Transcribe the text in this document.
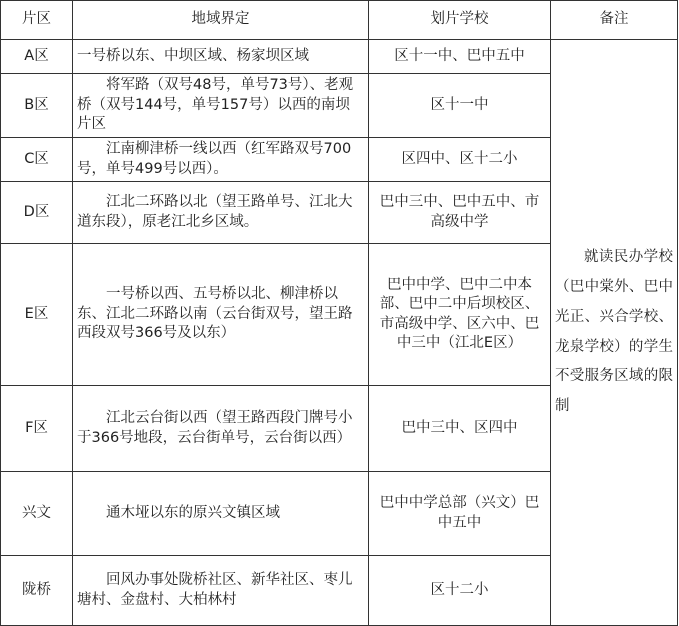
片区	地域界定	划片学校	备注
A区	一号桥以东、中坝区域、杨家坝区域	区十一中、巴中五中	就读民办学校（巴中棠外、巴中光正、兴合学校、龙泉学校）的学生不受服务区域的限制
B区	将军路（双号48号，单号73号）、老观桥（双号144号，单号157号）以西的南坝片区	区十一中	
C区	江南柳津桥一线以西（红军路双号700号，单号499号以西）。	区四中、区十二小	
D区	江北二环路以北（望王路单号、江北大道东段），原老江北乡区域。	巴中三中、巴中五中、市高级中学	
E区	一号桥以西、五号桥以北、柳津桥以东、江北二环路以南（云台街双号，望王路西段双号366号及以东）	巴中中学、巴中二中本部、巴中二中后坝校区、市高级中学、区六中、巴中三中（江北E区）	
F区	江北云台街以西（望王路西段门牌号小于366号地段，云台街单号，云台街以西）	巴中三中、区四中	
兴文	通木垭以东的原兴文镇区域	巴中中学总部（兴文）巴中五中	
陇桥	回风办事处陇桥社区、新华社区、枣儿塘村、金盘村、大柏林村	区十二小	
